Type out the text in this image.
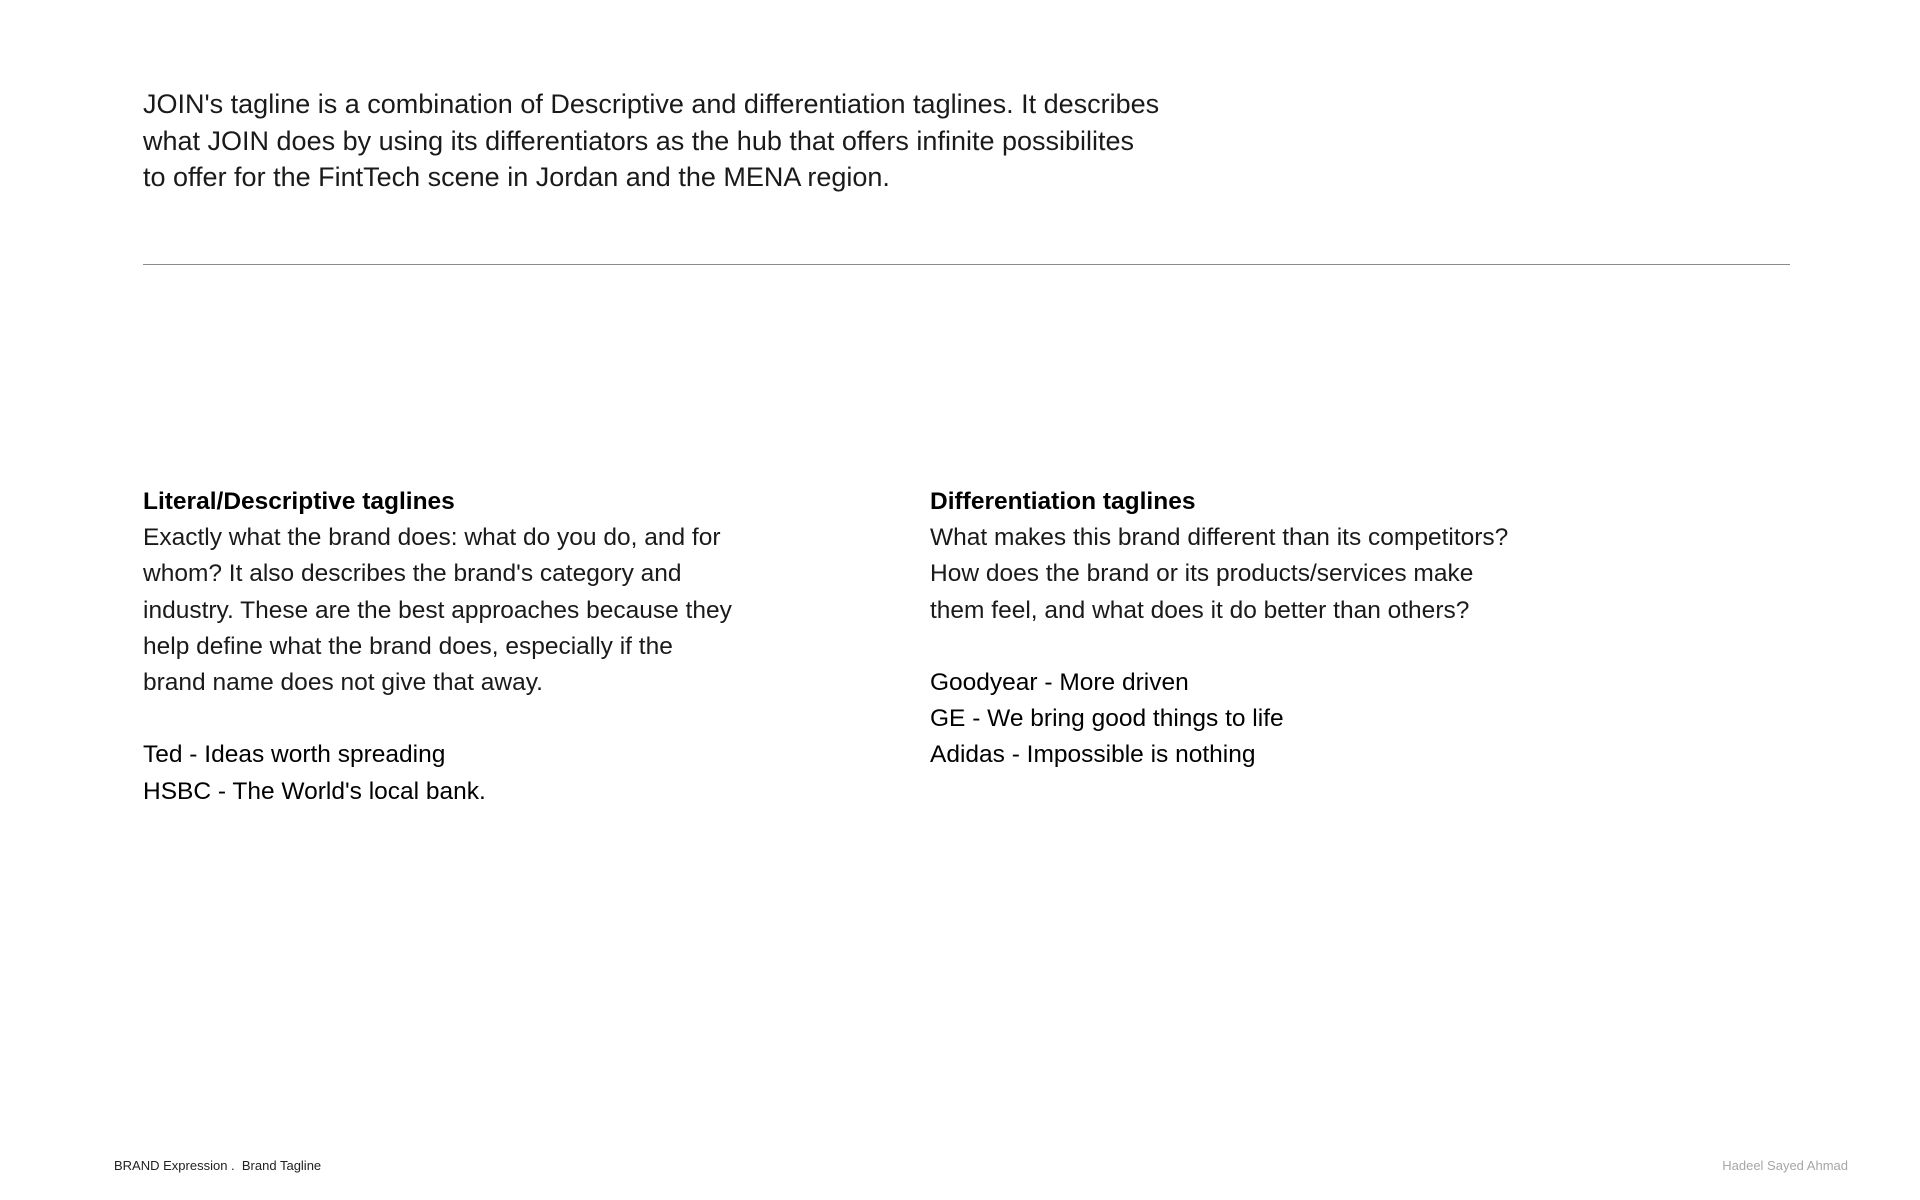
JOIN's tagline is a combination of Descriptive and differentiation taglines. It describes
what JOIN does by using its differentiators as the hub that offers infinite possibilites
to offer for the FintTech scene in Jordan and the MENA region.

Literal/Descriptive taglines

Exactly what the brand does: what do you do, and for
whom? It also describes the brand's category and
industry. These are the best approaches because they
help define what the brand does, especially if the
brand name does not give that away.

Ted - Ideas worth spreading
HSBC - The World's local bank.

Differentiation taglines

What makes this brand different than its competitors?
How does the brand or its products/services make
them feel, and what does it do better than others?

Goodyear - More driven
GE - We bring good things to life
Adidas - Impossible is nothing
BRAND Expression .  Brand Tagline	Hadeel Sayed Ahmad
